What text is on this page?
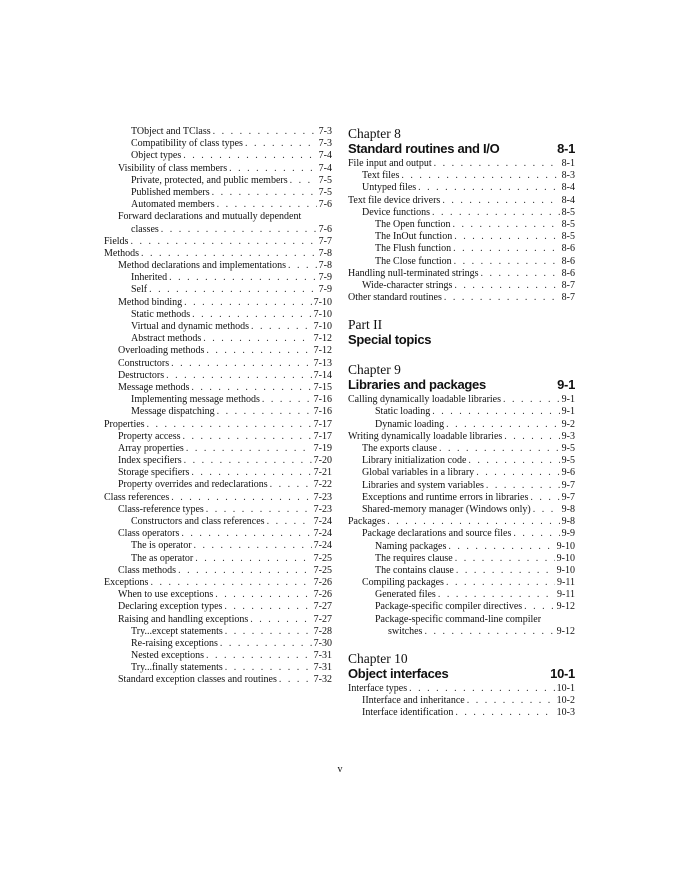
TObject and TClass . . .	7-3
Compatibility of class types . . .	7-3
Object types . . .	7-4
Visibility of class members . . .	7-4
Private, protected, and public members . . .	7-5
Published members . . .	7-5
Automated members . . .	7-6
Forward declarations and mutually dependent
classes . . .	7-6
Fields . . .	7-7
Methods . . .	7-8
Method declarations and implementations . . .	7-8
Inherited . . .	7-9
Self . . .	7-9
Method binding . . .	7-10
Static methods . . .	7-10
Virtual and dynamic methods . . .	7-10
Abstract methods . . .	7-12
Overloading methods . . .	7-12
Constructors . . .	7-13
Destructors . . .	7-14
Message methods . . .	7-15
Implementing message methods . . .	7-16
Message dispatching . . .	7-16
Properties . . .	7-17
Property access . . .	7-17
Array properties . . .	7-19
Index specifiers . . .	7-20
Storage specifiers . . .	7-21
Property overrides and redeclarations . . .	7-22
Class references . . .	7-23
Class-reference types . . .	7-23
Constructors and class references . . .	7-24
Class operators . . .	7-24
The is operator . . .	7-24
The as operator . . .	7-25
Class methods . . .	7-25
Exceptions . . .	7-26
When to use exceptions . . .	7-26
Declaring exception types . . .	7-27
Raising and handling exceptions . . .	7-27
Try...except statements . . .	7-28
Re-raising exceptions . . .	7-30
Nested exceptions . . .	7-31
Try...finally statements . . .	7-31
Standard exception classes and routines . . .	7-32
Chapter 8
Standard routines and I/O	8-1
File input and output . . .	8-1
Text files . . .	8-3
Untyped files . . .	8-4
Text file device drivers . . .	8-4
Device functions . . .	8-5
The Open function . . .	8-5
The InOut function . . .	8-5
The Flush function . . .	8-6
The Close function . . .	8-6
Handling null-terminated strings . . .	8-6
Wide-character strings . . .	8-7
Other standard routines . . .	8-7
Part II
Special topics
Chapter 9
Libraries and packages	9-1
Calling dynamically loadable libraries . . .	9-1
Static loading . . .	9-1
Dynamic loading . . .	9-2
Writing dynamically loadable libraries . . .	9-3
The exports clause . . .	9-5
Library initialization code . . .	9-5
Global variables in a library . . .	9-6
Libraries and system variables . . .	9-7
Exceptions and runtime errors in libraries . . .	9-7
Shared-memory manager (Windows only) . . .	9-8
Packages . . .	9-8
Package declarations and source files . . .	9-9
Naming packages . . .	9-10
The requires clause . . .	9-10
The contains clause . . .	9-10
Compiling packages . . .	9-11
Generated files . . .	9-11
Package-specific compiler directives . . .	9-12
Package-specific command-line compiler
switches . . .	9-12
Chapter 10
Object interfaces	10-1
Interface types . . .	10-1
IInterface and inheritance . . .	10-2
Interface identification . . .	10-3
v
